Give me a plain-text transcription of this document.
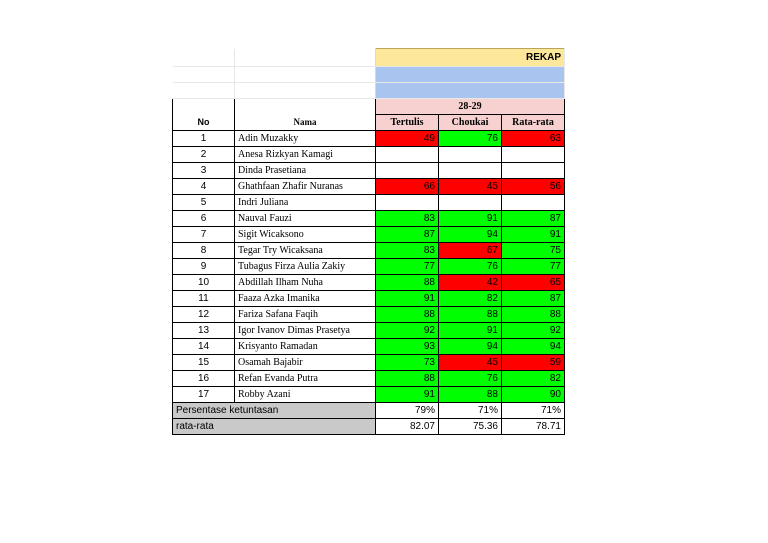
		REKAP		

		28-29		
No	Nama	Tertulis	Choukai	Rata-rata
1	Adin Muzakky	49	76	63
2	Anesa Rizkyan Kamagi			
3	Dinda Prasetiana			
4	Ghathfaan Zhafir Nuranas	66	45	56
5	Indri Juliana			
6	Nauval Fauzi	83	91	87
7	Sigit Wicaksono	87	94	91
8	Tegar Try Wicaksana	83	67	75
9	Tubagus Firza Aulia Zakiy	77	76	77
10	Abdillah Ilham Nuha	88	42	65
11	Faaza Azka Imanika	91	82	87
12	Fariza Safana Faqih	88	88	88
13	Igor Ivanov Dimas Prasetya	92	91	92
14	Krisyanto Ramadan	93	94	94
15	Osamah Bajabir	73	45	59
16	Refan Evanda Putra	88	76	82
17	Robby Azani	91	88	90
Persentase ketuntasan		79%	71%	71%
rata-rata		82.07	75.36	78.71
